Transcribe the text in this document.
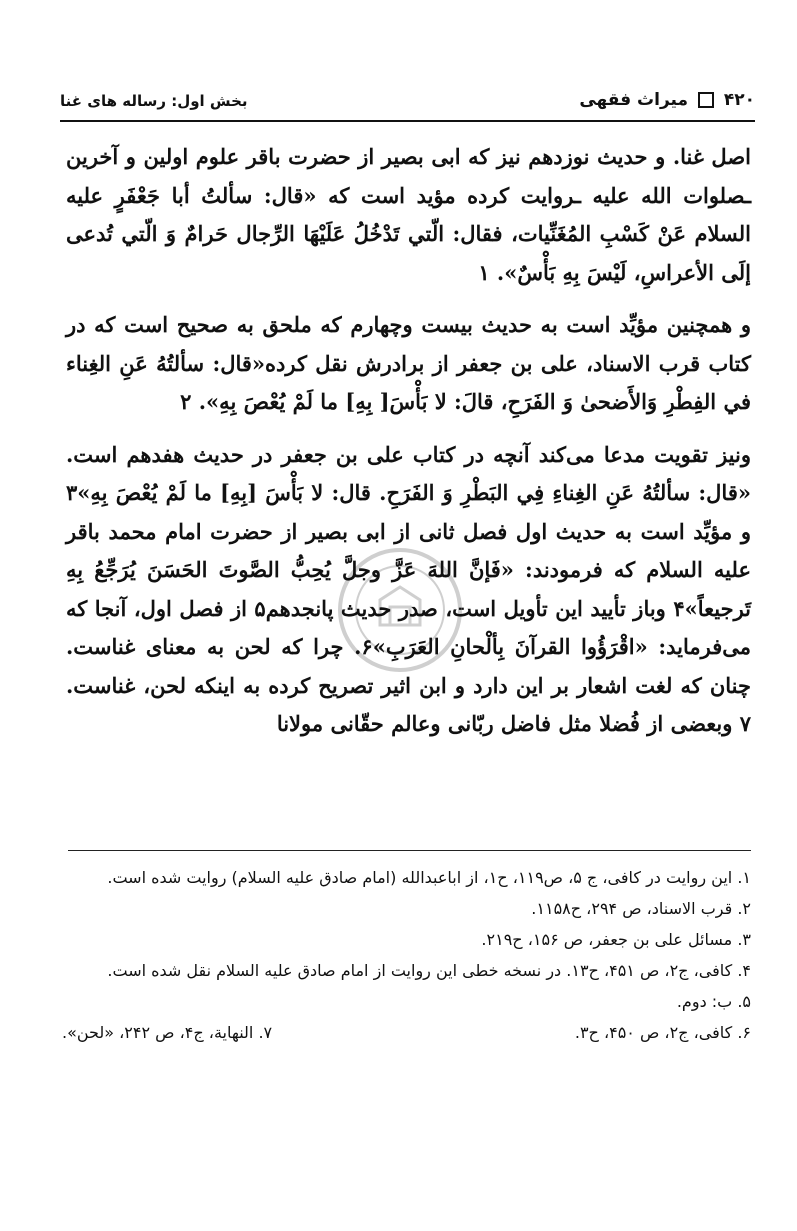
۴۲۰  میراث فقهی
بخش اول: رساله های غنا

اصل غنا. و حدیث نوزدهم نیز که ابی بصیر از حضرت باقر علوم اولین و آخرین ـصلوات الله علیه ـروایت کرده مؤید است که «قال: سألتُ أبا جَعْفَرٍ عليه السلام عَنْ كَسْبِ المُغَنِّيات، فقال: الّتي تَدْخُلُ عَلَيْهَا الرِّجال حَرامٌ وَ الّتي تُدعى إلَى الأعراسِ، لَيْسَ بِهِ بَأْسٌ». ۱

و همچنین مؤیِّد است به حدیث بیست وچهارم که ملحق به صحیح است که در کتاب قرب الاسناد، علی بن جعفر از برادرش نقل کرده«قال: سألتُهُ عَنِ الغِناء في الفِطْرِ وَالأَضحىٰ وَ الفَرَحِ، قالَ: لا بَأْسَ[ بِهِ] ما لَمْ يُعْصَ بِهِ». ۲

ونیز تقویت مدعا می‌کند آنچه در کتاب علی بن جعفر در حدیث هفدهم است. «قال: سألتُهُ عَنِ الغِناءِ فِي البَطْرِ وَ الفَرَحِ. قال: لا بَأْسَ [بِهِ] ما لَمْ يُعْصَ بِهِ»۳ و مؤیِّد است به حدیث اول فصل ثانی از ابی بصیر از حضرت امام محمد باقر عليه السلام که فرمودند: «فَإنَّ اللهَ عَزَّ وجلَّ يُحِبُّ الصَّوتَ الحَسَنَ يُرَجِّعُ بِهِ تَرجيعاً»۴ وباز تأیید این تأویل است، صدر حدیث پانجدهم۵ از فصل اول، آنجا که می‌فرماید: «اقْرَؤُوا القرآنَ بِألْحانِ العَرَبِ»۶. چرا که لحن به معنای غناست. چنان که لغت اشعار بر این دارد و ابن اثیر تصریح کرده به اینکه لحن، غناست. ۷ وبعضی از فُضلا مثل فاضل ربّانی وعالم حقّانی مولانا

۱. این روایت در کافی، ج ۵، ص۱۱۹، ح۱، از اباعبدالله (امام صادق عليه السلام) روایت شده است.

۲. قرب الاسناد، ص ۲۹۴، ح۱۱۵۸.

۳. مسائل علی بن جعفر، ص ۱۵۶، ح۲۱۹.

۴. کافی، ج۲، ص ۴۵۱، ح۱۳. در نسخه خطی این روایت از امام صادق عليه السلام نقل شده است.

۵. ب: دوم.

۶. کافی، ج۲، ص ۴۵۰، ح۳.

۷. النهایة، ج۴، ص ۲۴۲، «لحن».
